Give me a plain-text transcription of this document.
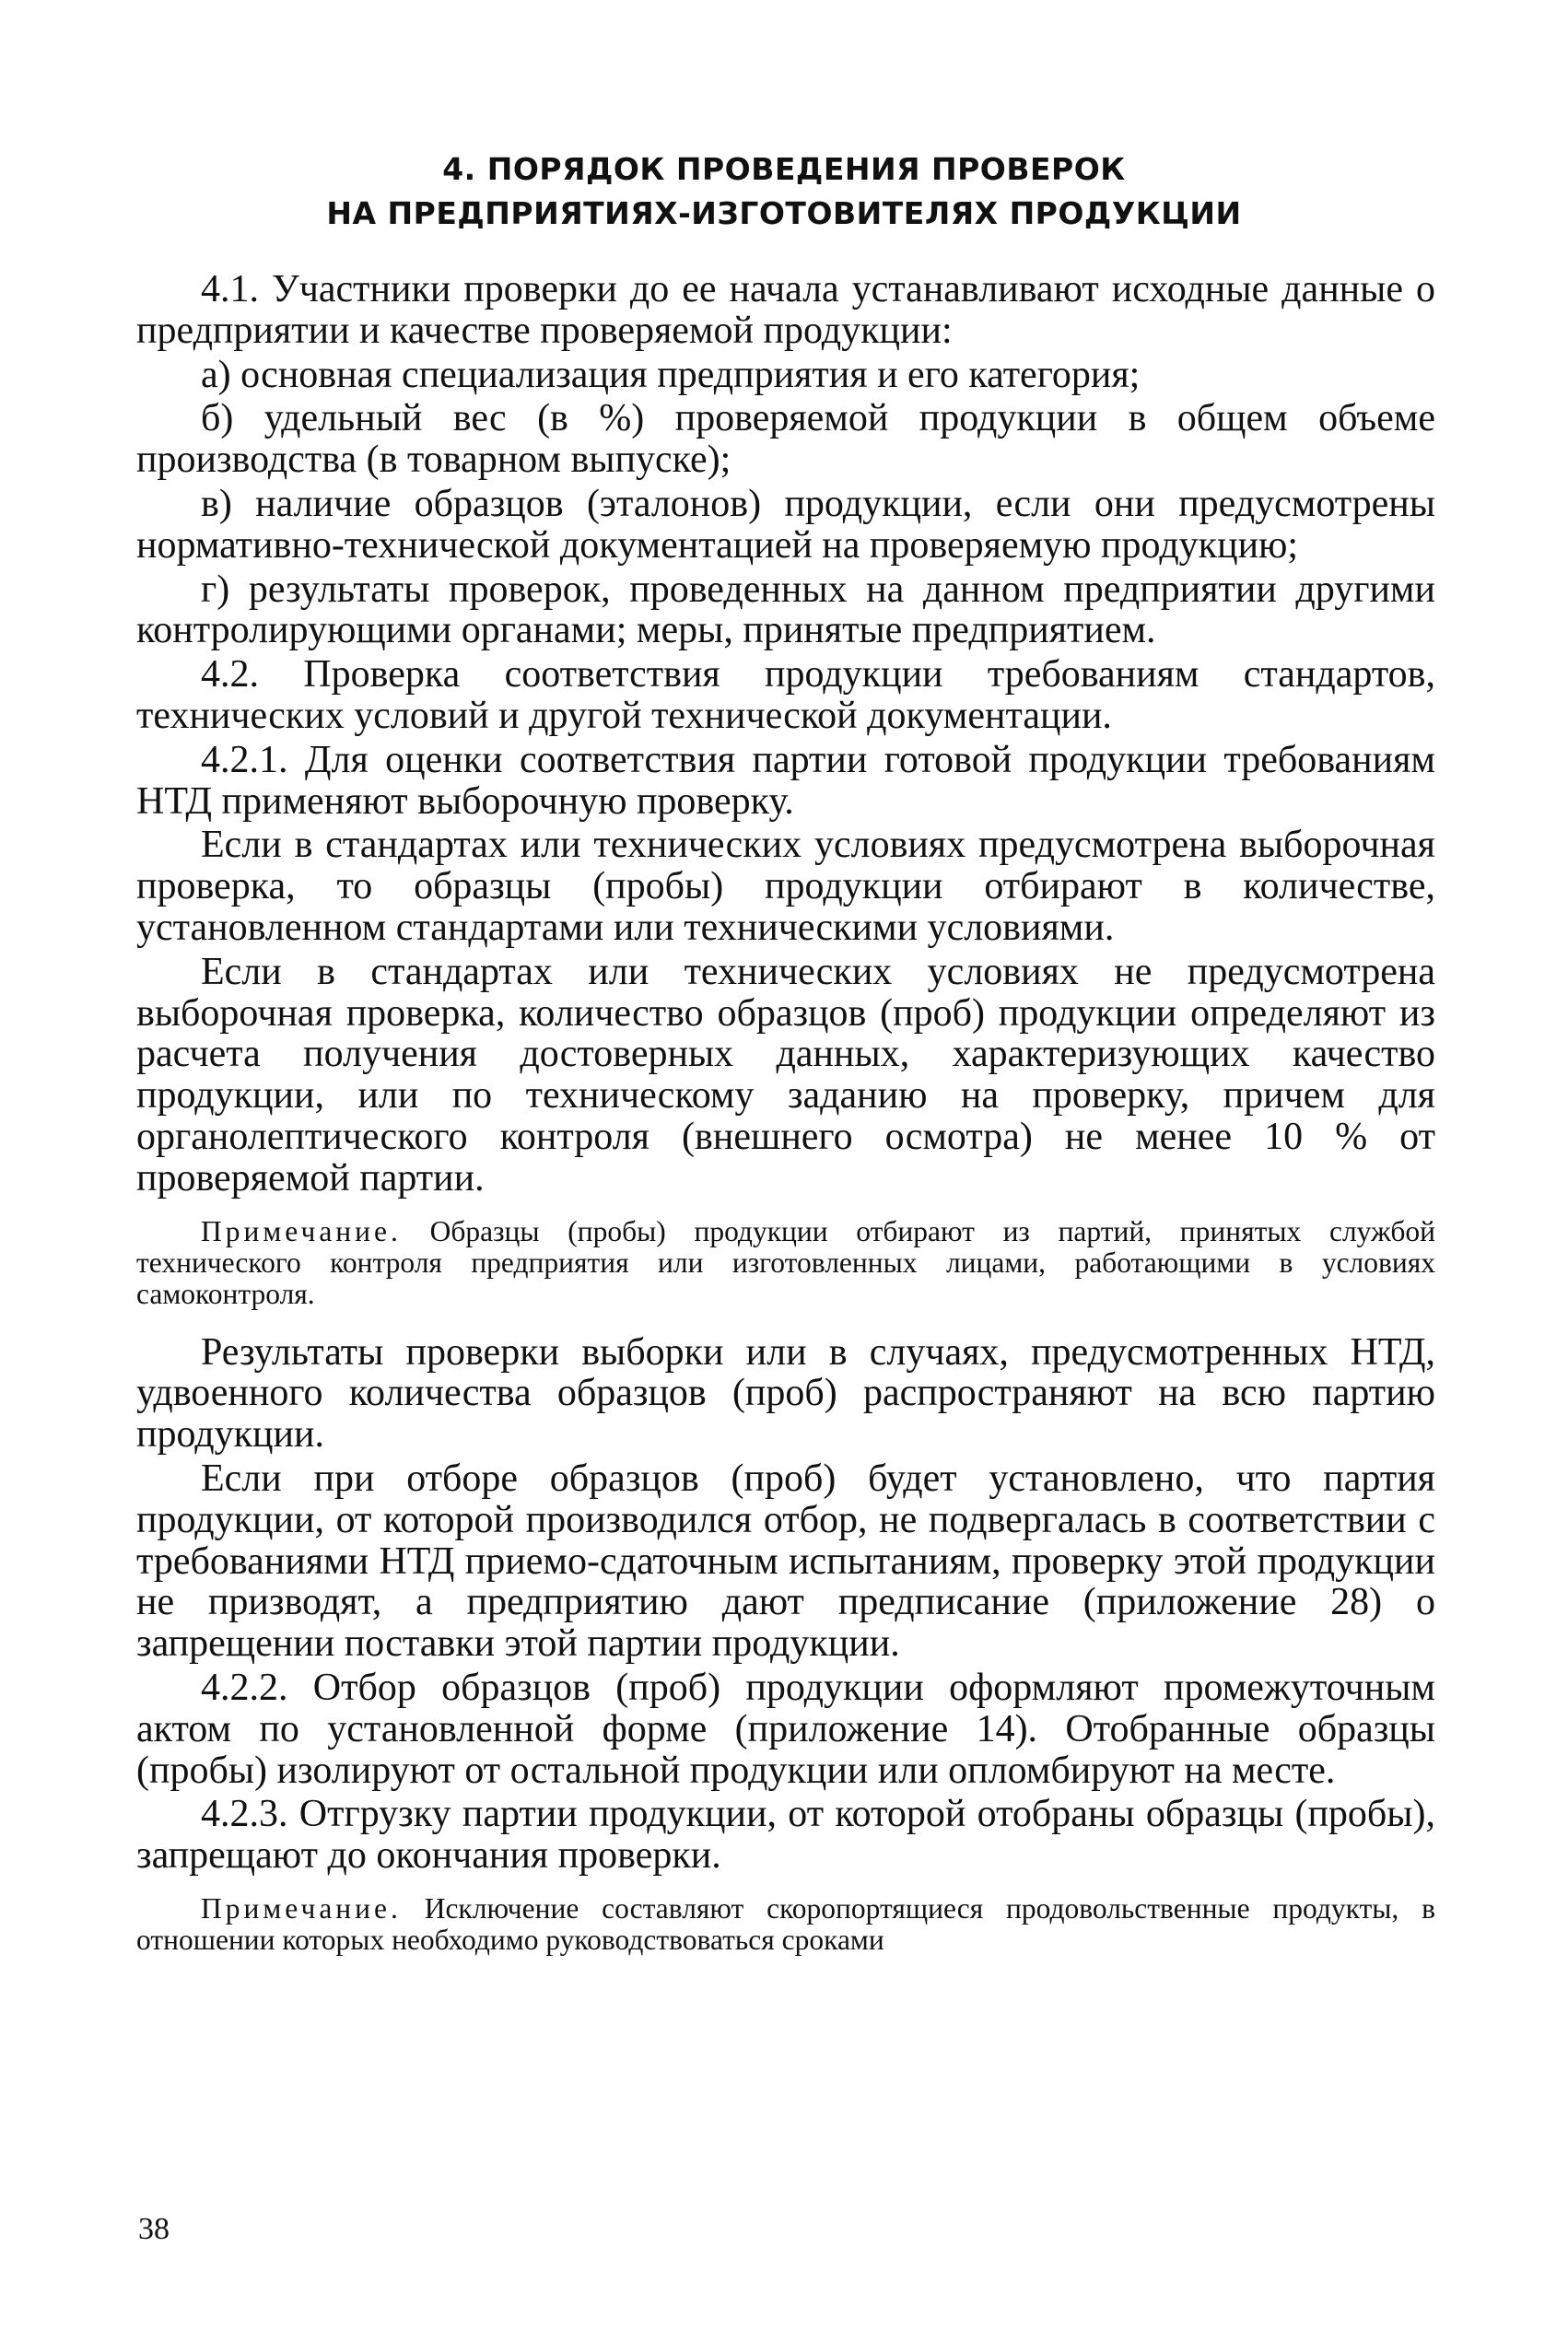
4. ПОРЯДОК ПРОВЕДЕНИЯ ПРОВЕРОК
НА ПРЕДПРИЯТИЯХ-ИЗГОТОВИТЕЛЯХ ПРОДУКЦИИ

4.1. Участники проверки до ее начала устанавливают исходные данные о предприятии и качестве проверяемой продукции:

а) основная специализация предприятия и его категория;

б) удельный вес (в %) проверяемой продукции в общем объеме производства (в товарном выпуске);

в) наличие образцов (эталонов) продукции, если они предусмотрены нормативно-технической документацией на проверяемую продукцию;

г) результаты проверок, проведенных на данном предприятии другими контролирующими органами; меры, принятые предприятием.

4.2. Проверка соответствия продукции требованиям стандартов, технических условий и другой технической документации.

4.2.1. Для оценки соответствия партии готовой продукции требованиям НТД применяют выборочную проверку.

Если в стандартах или технических условиях предусмотрена выборочная проверка, то образцы (пробы) продукции отбирают в количестве, установленном стандартами или техническими условиями.

Если в стандартах или технических условиях не предусмотрена выборочная проверка, количество образцов (проб) продукции определяют из расчета получения достоверных данных, характеризующих качество продукции, или по техническому заданию на проверку, причем для органолептического контроля (внешнего осмотра) не менее 10 % от проверяемой партии.

Примечание. Образцы (пробы) продукции отбирают из партий, принятых службой технического контроля предприятия или изготовленных лицами, работающими в условиях самоконтроля.

Результаты проверки выборки или в случаях, предусмотренных НТД, удвоенного количества образцов (проб) распространяют на всю партию продукции.

Если при отборе образцов (проб) будет установлено, что партия продукции, от которой производился отбор, не подвергалась в соответствии с требованиями НТД приемо-сдаточным испытаниям, проверку этой продукции не призводят, а предприятию дают предписание (приложение 28) о запрещении поставки этой партии продукции.

4.2.2. Отбор образцов (проб) продукции оформляют промежуточным актом по установленной форме (приложение 14). Отобранные образцы (пробы) изолируют от остальной продукции или опломбируют на месте.

4.2.3. Отгрузку партии продукции, от которой отобраны образцы (пробы), запрещают до окончания проверки.

Примечание. Исключение составляют скоропортящиеся продовольственные продукты, в отношении которых необходимо руководствоваться сроками

38
